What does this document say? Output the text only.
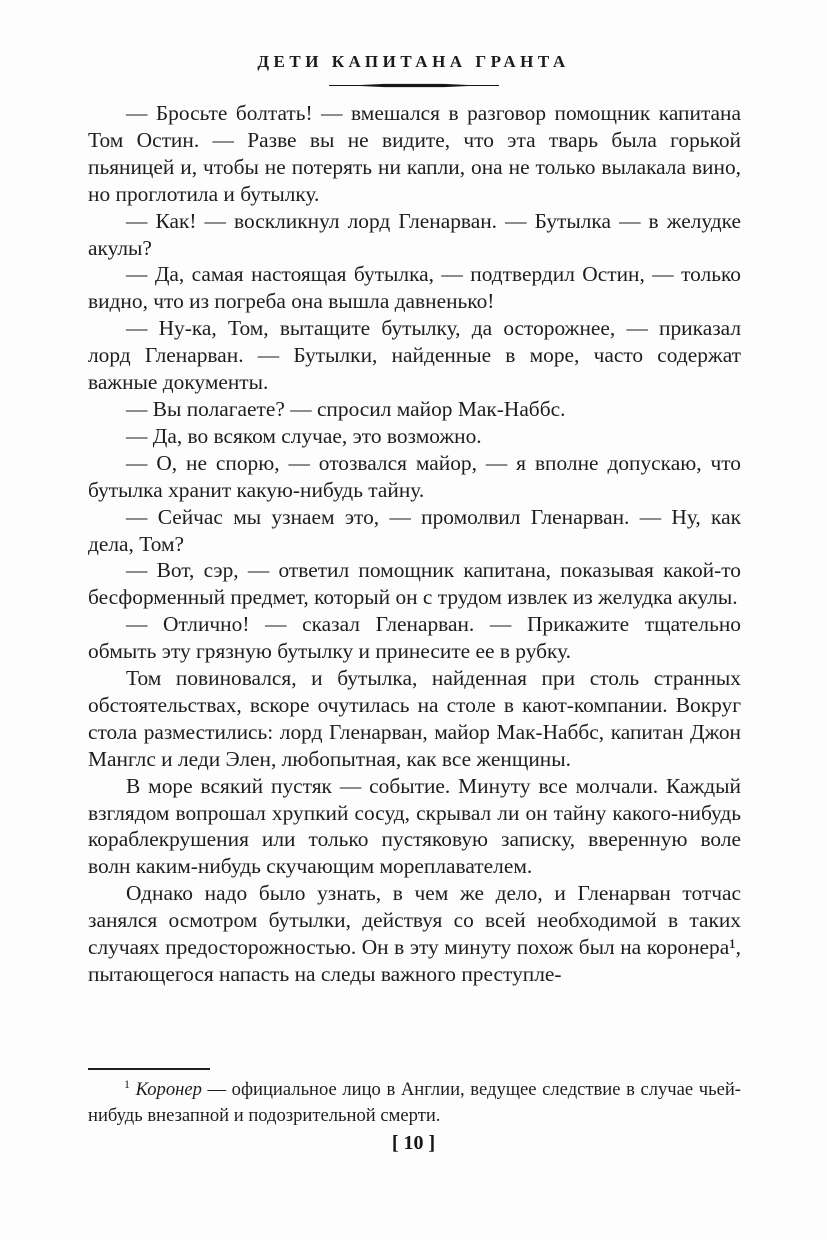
ДЕТИ КАПИТАНА ГРАНТА

— Бросьте болтать! — вмешался в разговор помощник капитана Том Остин. — Разве вы не видите, что эта тварь была горькой пьяницей и, чтобы не потерять ни капли, она не только вылакала вино, но проглотила и бутылку.

— Как! — воскликнул лорд Гленарван. — Бутылка — в желудке акулы?

— Да, самая настоящая бутылка, — подтвердил Остин, — только видно, что из погреба она вышла давненько!

— Ну-ка, Том, вытащите бутылку, да осторожнее, — приказал лорд Гленарван. — Бутылки, найденные в море, часто содержат важные документы.

— Вы полагаете? — спросил майор Мак-Наббс.

— Да, во всяком случае, это возможно.

— О, не спорю, — отозвался майор, — я вполне допускаю, что бутылка хранит какую-нибудь тайну.

— Сейчас мы узнаем это, — промолвил Гленарван. — Ну, как дела, Том?

— Вот, сэр, — ответил помощник капитана, показывая какой-то бесформенный предмет, который он с трудом извлек из желудка акулы.

— Отлично! — сказал Гленарван. — Прикажите тщательно обмыть эту грязную бутылку и принесите ее в рубку.

Том повиновался, и бутылка, найденная при столь странных обстоятельствах, вскоре очутилась на столе в кают-компании. Вокруг стола разместились: лорд Гленарван, майор Мак-Наббс, капитан Джон Манглс и леди Элен, любопытная, как все женщины.

В море всякий пустяк — событие. Минуту все молчали. Каждый взглядом вопрошал хрупкий сосуд, скрывал ли он тайну какого-нибудь кораблекрушения или только пустяковую записку, вверенную воле волн каким-нибудь скучающим мореплавателем.

Однако надо было узнать, в чем же дело, и Гленарван тотчас занялся осмотром бутылки, действуя со всей необходимой в таких случаях предосторожностью. Он в эту минуту похож был на коронера¹, пытающегося напасть на следы важного преступле-

$^1$ Коронер — официальное лицо в Англии, ведущее следствие в случае чьей-нибудь внезапной и подозрительной смерти.

[ 10 ]
